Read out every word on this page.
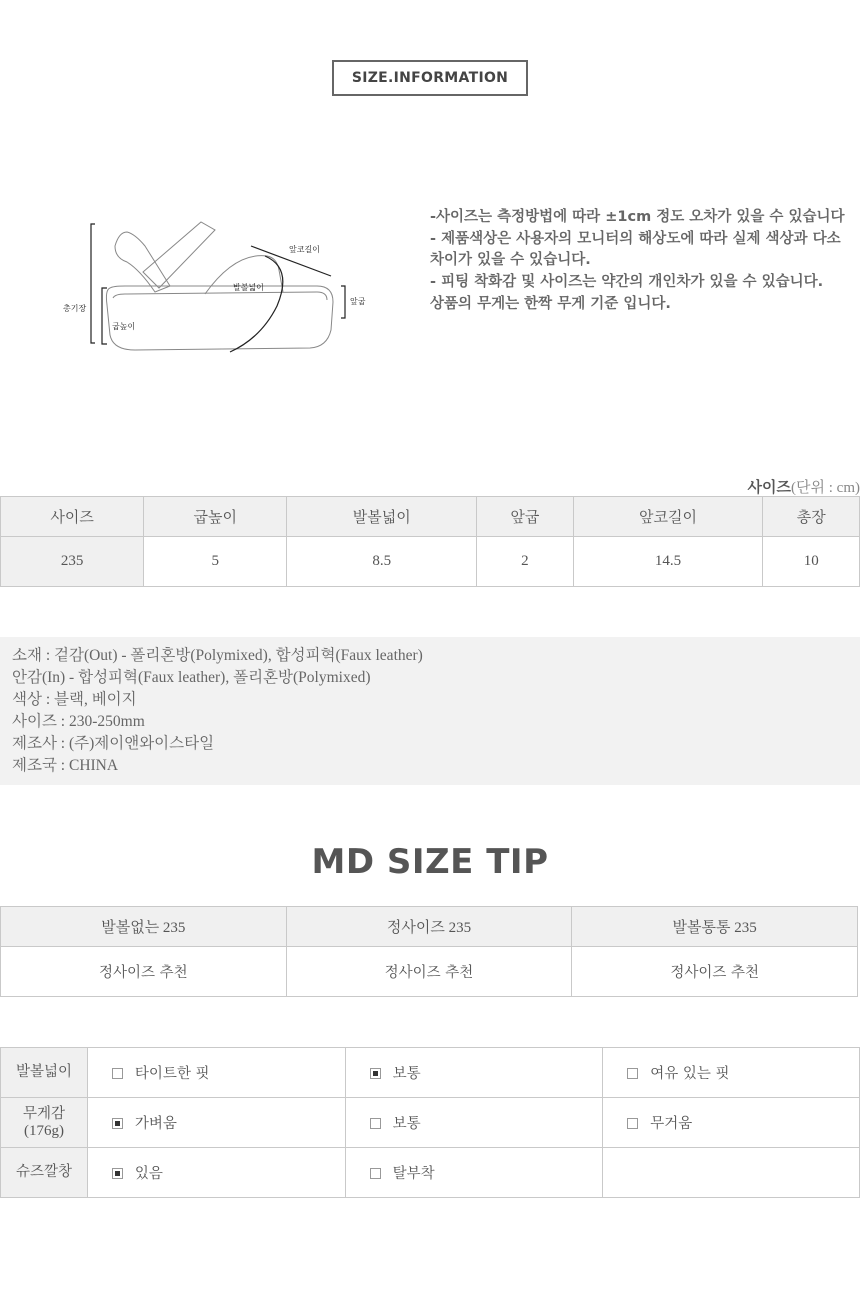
SIZE.INFORMATION
총기장
굽높이
발볼넓이
앞코길이
앞굽

-사이즈는 측정방법에 따라 ±1cm 정도 오차가 있을 수 있습니다

- 제품색상은 사용자의 모니터의 해상도에 따라 실제 색상과 다소 차이가 있을 수 있습니다.

- 피팅 착화감 및 사이즈는 약간의 개인차가 있을 수 있습니다.

상품의 무게는 한짝 무게 기준 입니다.

사이즈(단위 : cm)
사이즈	굽높이	발볼넓이	앞굽	앞코길이	총장
235	5	8.5	2	14.5	10
소재 : 겉감(Out) - 폴리혼방(Polymixed), 합성피혁(Faux leather)
안감(In) - 합성피혁(Faux leather), 폴리혼방(Polymixed)
색상 : 블랙, 베이지
사이즈 : 230-250mm
제조사 : (주)제이앤와이스타일
제조국 : CHINA
MD SIZE TIP
발볼없는 235	정사이즈 235	발볼통통 235
정사이즈 추천	정사이즈 추천	정사이즈 추천
발볼넓이	타이트한 핏	보통	여유 있는 핏
무게감
(176g)	가벼움	보통	무거움
슈즈깔창	있음	탈부착	
